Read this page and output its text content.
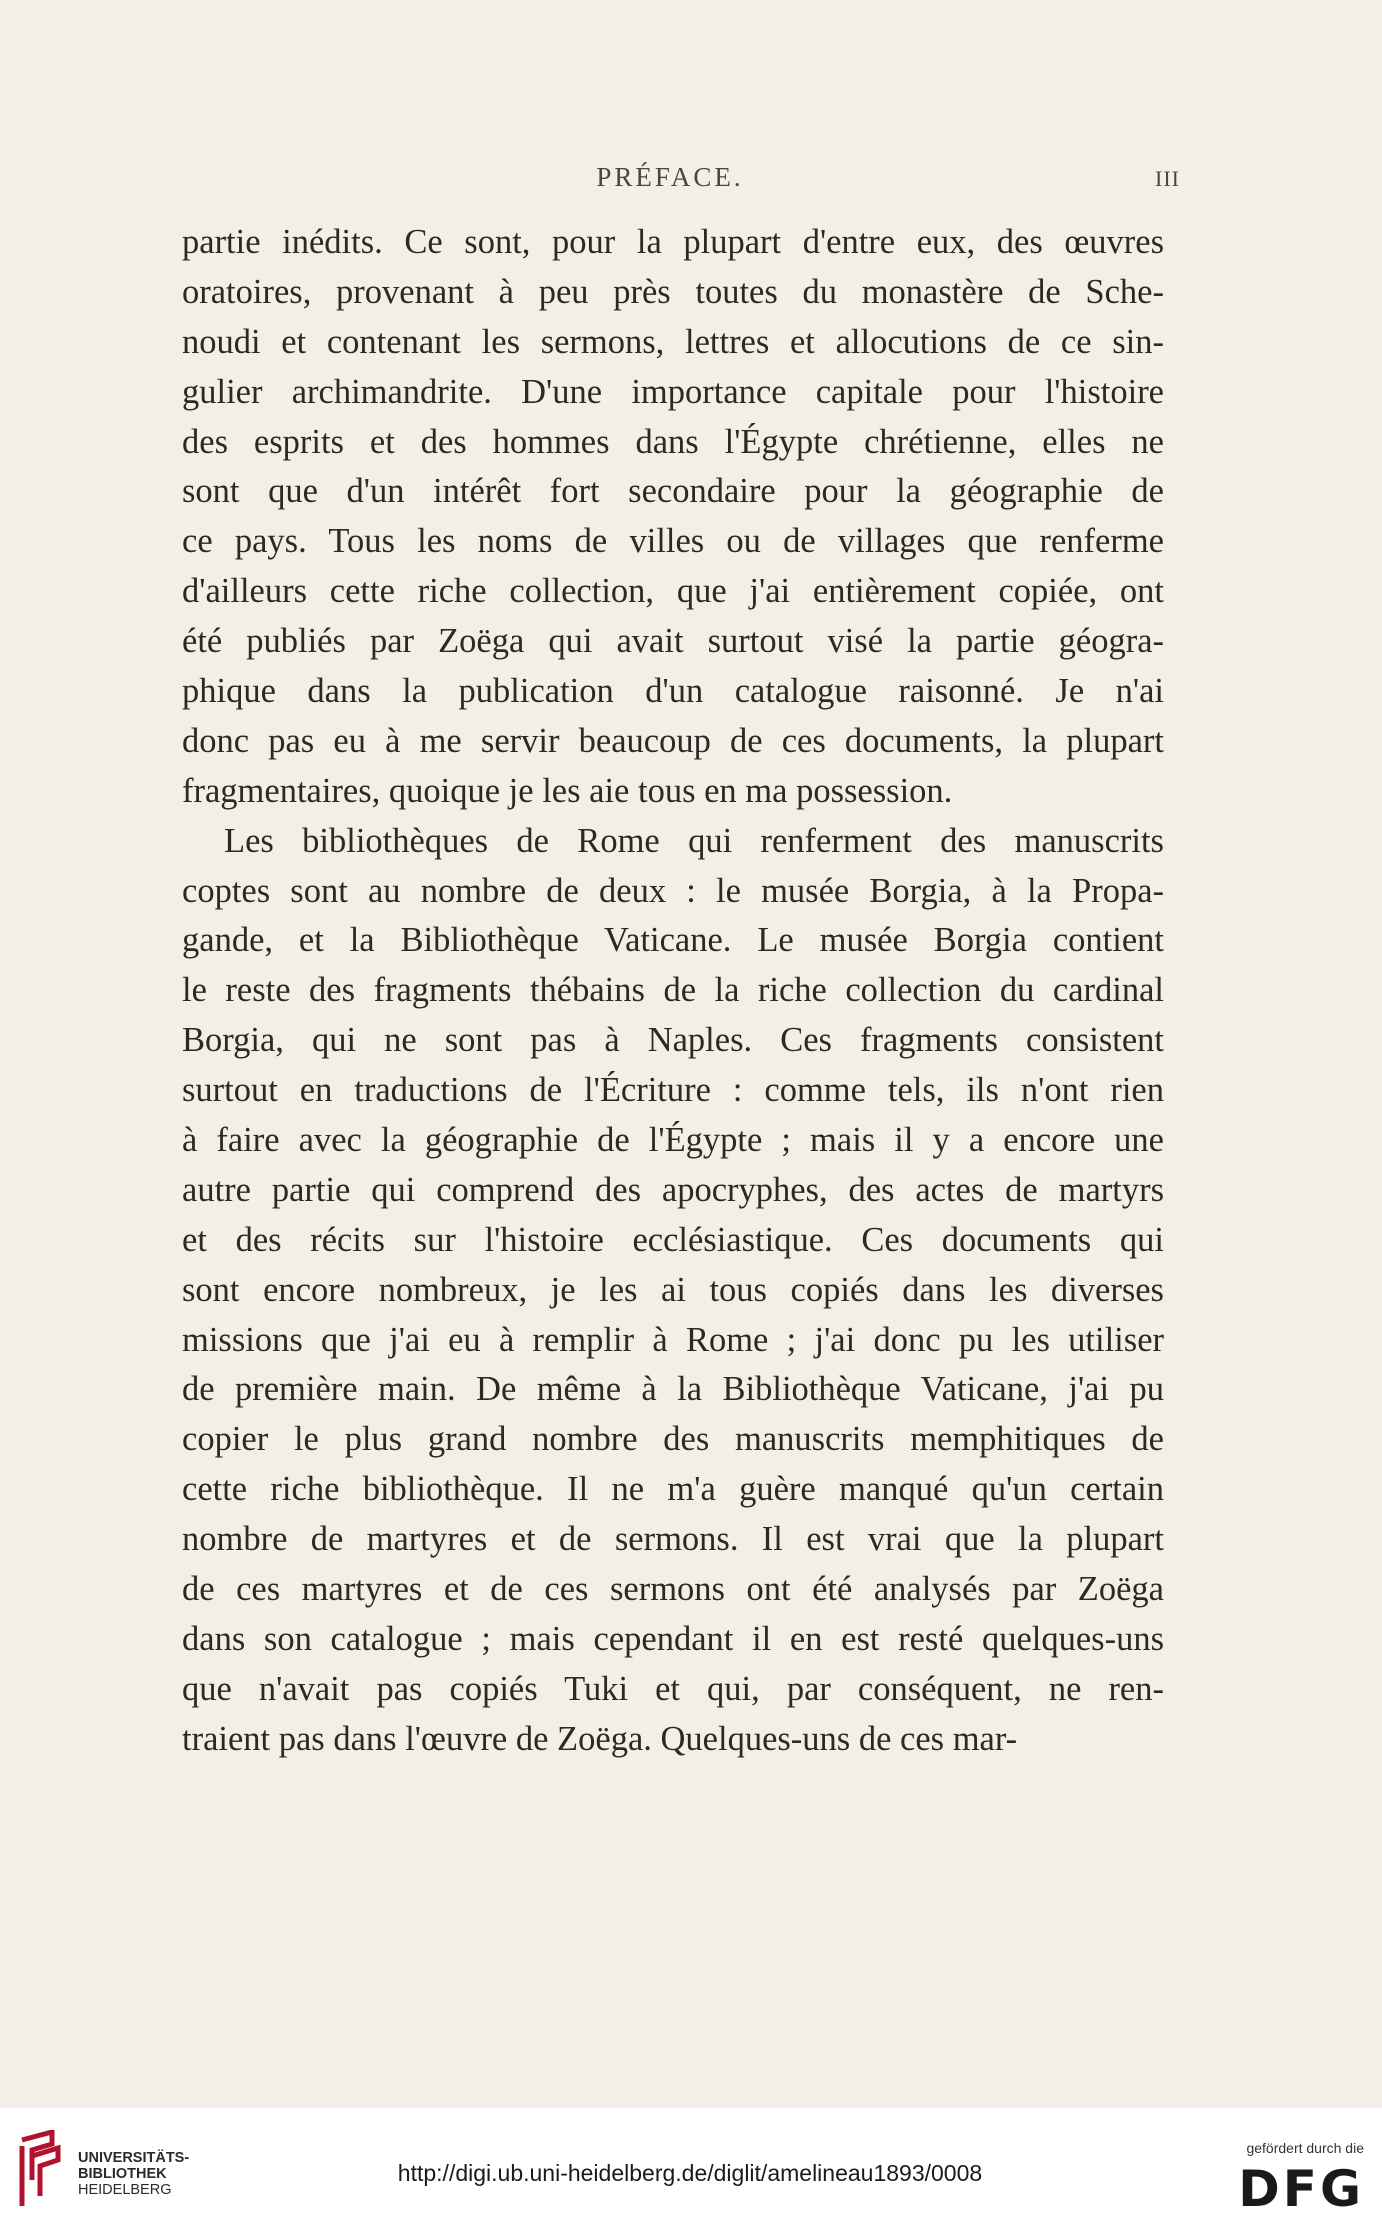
PRÉFACE.	III
partie inédits. Ce sont, pour la plupart d'entre eux, des œuvres
oratoires, provenant à peu près toutes du monastère de Sche-
noudi et contenant les sermons, lettres et allocutions de ce sin-
gulier archimandrite. D'une importance capitale pour l'histoire
des esprits et des hommes dans l'Égypte chrétienne, elles ne
sont que d'un intérêt fort secondaire pour la géographie de
ce pays. Tous les noms de villes ou de villages que renferme
d'ailleurs cette riche collection, que j'ai entièrement copiée, ont
été publiés par Zoëga qui avait surtout visé la partie géogra-
phique dans la publication d'un catalogue raisonné. Je n'ai
donc pas eu à me servir beaucoup de ces documents, la plupart
fragmentaires, quoique je les aie tous en ma possession.
Les bibliothèques de Rome qui renferment des manuscrits
coptes sont au nombre de deux : le musée Borgia, à la Propa-
gande, et la Bibliothèque Vaticane. Le musée Borgia contient
le reste des fragments thébains de la riche collection du cardinal
Borgia, qui ne sont pas à Naples. Ces fragments consistent
surtout en traductions de l'Écriture : comme tels, ils n'ont rien
à faire avec la géographie de l'Égypte ; mais il y a encore une
autre partie qui comprend des apocryphes, des actes de martyrs
et des récits sur l'histoire ecclésiastique. Ces documents qui
sont encore nombreux, je les ai tous copiés dans les diverses
missions que j'ai eu à remplir à Rome ; j'ai donc pu les utiliser
de première main. De même à la Bibliothèque Vaticane, j'ai pu
copier le plus grand nombre des manuscrits memphitiques de
cette riche bibliothèque. Il ne m'a guère manqué qu'un certain
nombre de martyres et de sermons. Il est vrai que la plupart
de ces martyres et de ces sermons ont été analysés par Zoëga
dans son catalogue ; mais cependant il en est resté quelques-uns
que n'avait pas copiés Tuki et qui, par conséquent, ne ren-
traient pas dans l'œuvre de Zoëga. Quelques-uns de ces mar-
UNIVERSITÄTS-
BIBLIOTHEK
HEIDELBERG
http://digi.ub.uni-heidelberg.de/diglit/amelineau1893/0008
gefördert durch die
DFG
